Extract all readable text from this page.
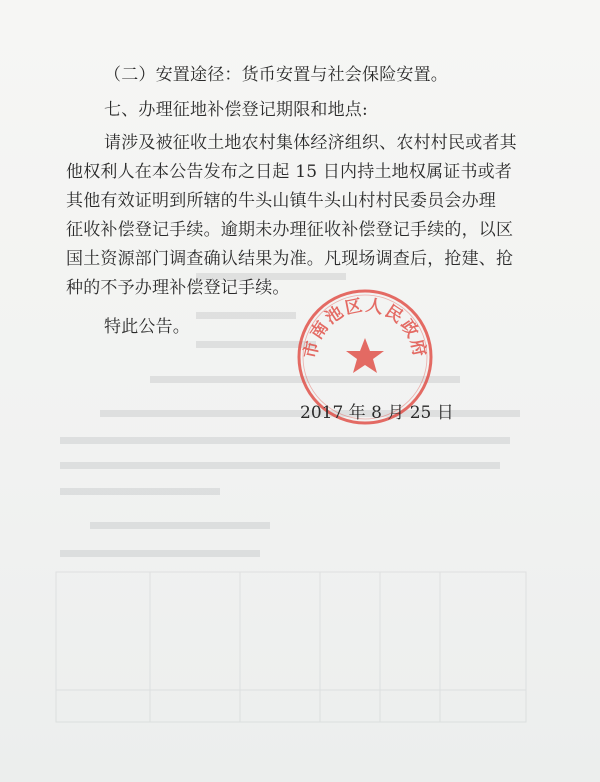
（二）安置途径：货币安置与社会保险安置。
七、办理征地补偿登记期限和地点:
请涉及被征收土地农村集体经济组织、农村村民或者其
他权利人在本公告发布之日起 15 日内持土地权属证书或者
其他有效证明到所辖的牛头山镇牛头山村村民委员会办理
征收补偿登记手续。逾期未办理征收补偿登记手续的，以区
国土资源部门调查确认结果为准。凡现场调查后，抢建、抢
种的不予办理补偿登记手续。
特此公告。
市南池区人民政府
2017 年 8 月 25 日
